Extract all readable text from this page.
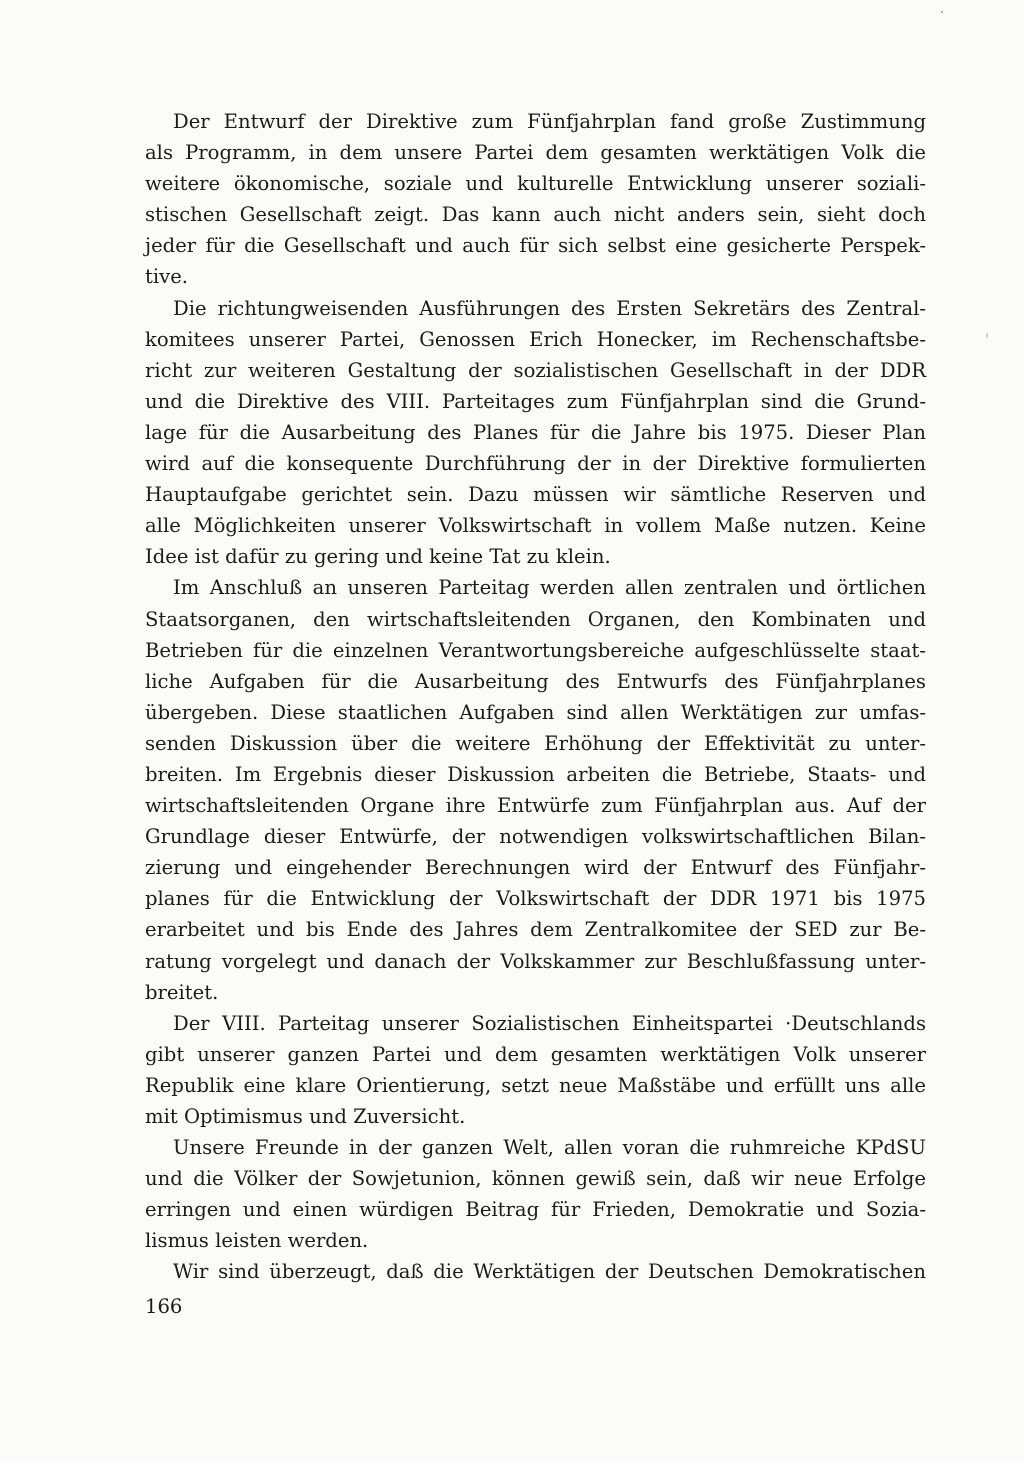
Der Entwurf der Direktive zum Fünfjahrplan fand große Zustimmung
als Programm, in dem unsere Partei dem gesamten werktätigen Volk die
weitere ökonomische, soziale und kulturelle Entwicklung unserer soziali-
stischen Gesellschaft zeigt. Das kann auch nicht anders sein, sieht doch
jeder für die Gesellschaft und auch für sich selbst eine gesicherte Perspek-
tive.

Die richtungweisenden Ausführungen des Ersten Sekretärs des Zentral-
komitees unserer Partei, Genossen Erich Honecker, im Rechenschaftsbe-
richt zur weiteren Gestaltung der sozialistischen Gesellschaft in der DDR
und die Direktive des VIII. Parteitages zum Fünfjahrplan sind die Grund-
lage für die Ausarbeitung des Planes für die Jahre bis 1975. Dieser Plan
wird auf die konsequente Durchführung der in der Direktive formulierten
Hauptaufgabe gerichtet sein. Dazu müssen wir sämtliche Reserven und
alle Möglichkeiten unserer Volkswirtschaft in vollem Maße nutzen. Keine
Idee ist dafür zu gering und keine Tat zu klein.

Im Anschluß an unseren Parteitag werden allen zentralen und örtlichen
Staatsorganen, den wirtschaftsleitenden Organen, den Kombinaten und
Betrieben für die einzelnen Verantwortungsbereiche aufgeschlüsselte staat-
liche Aufgaben für die Ausarbeitung des Entwurfs des Fünfjahrplanes
übergeben. Diese staatlichen Aufgaben sind allen Werktätigen zur umfas-
senden Diskussion über die weitere Erhöhung der Effektivität zu unter-
breiten. Im Ergebnis dieser Diskussion arbeiten die Betriebe, Staats- und
wirtschaftsleitenden Organe ihre Entwürfe zum Fünfjahrplan aus. Auf der
Grundlage dieser Entwürfe, der notwendigen volkswirtschaftlichen Bilan-
zierung und eingehender Berechnungen wird der Entwurf des Fünfjahr-
planes für die Entwicklung der Volkswirtschaft der DDR 1971 bis 1975
erarbeitet und bis Ende des Jahres dem Zentralkomitee der SED zur Be-
ratung vorgelegt und danach der Volkskammer zur Beschlußfassung unter-
breitet.

Der VIII. Parteitag unserer Sozialistischen Einheitspartei ·Deutschlands
gibt unserer ganzen Partei und dem gesamten werktätigen Volk unserer
Republik eine klare Orientierung, setzt neue Maßstäbe und erfüllt uns alle
mit Optimismus und Zuversicht.

Unsere Freunde in der ganzen Welt, allen voran die ruhmreiche KPdSU
und die Völker der Sowjetunion, können gewiß sein, daß wir neue Erfolge
erringen und einen würdigen Beitrag für Frieden, Demokratie und Sozia-
lismus leisten werden.

Wir sind überzeugt, daß die Werktätigen der Deutschen Demokratischen

166
